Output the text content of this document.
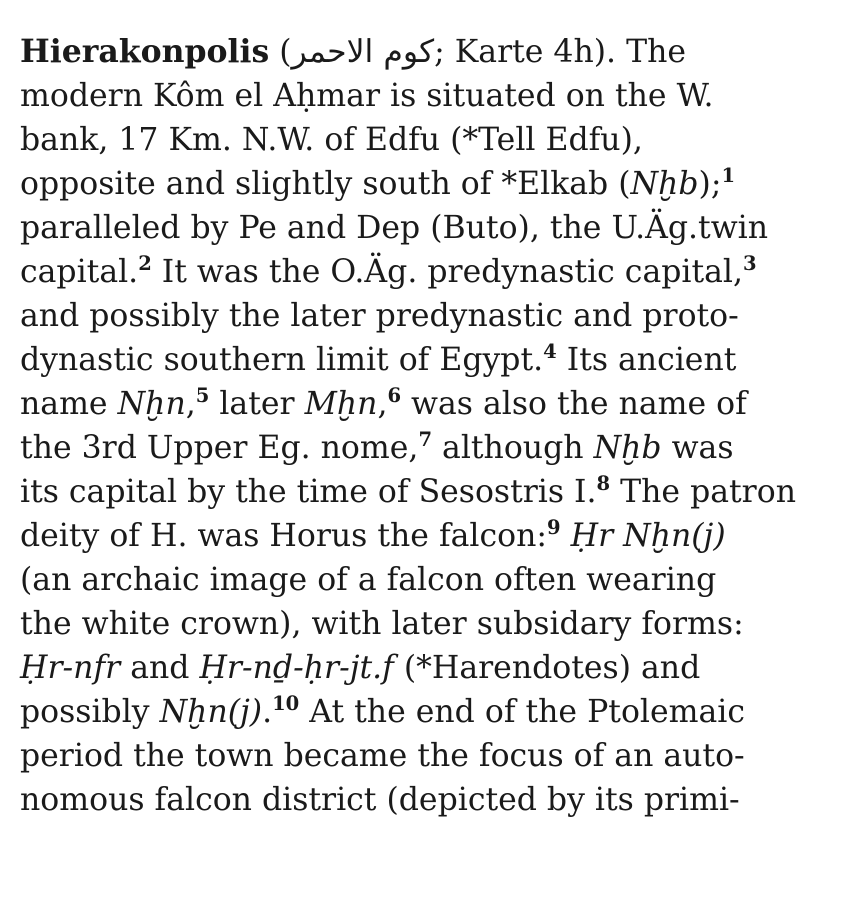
Hierakonpolis (كوم الاحمر; Karte 4h). The
modern Kôm el Aḥmar is situated on the W.
bank, 17 Km. N.W. of Edfu (*Tell Edfu),
opposite and slightly south of *Elkab (Nḫb);$^1$
paralleled by Pe and Dep (Buto), the U.Äg.twin
capital.$^2$ It was the O.Äg. predynastic capital,$^3$
and possibly the later predynastic and proto-
dynastic southern limit of Egypt.$^4$ Its ancient
name Nḫn,$^5$ later Mḫn,$^6$ was also the name of
the 3rd Upper Eg. nome,$^7$ although Nḫb was
its capital by the time of Sesostris I.$^8$ The patron
deity of H. was Horus the falcon:$^9$ Ḥr Nḫn(j)
(an archaic image of a falcon often wearing
the white crown), with later subsidary forms:
Ḥr-nfr and Ḥr-nḏ-ḥr-jt.f (*Harendotes) and
possibly Nḫn(j).$^{10}$ At the end of the Ptolemaic
period the town became the focus of an auto-
nomous falcon district (depicted by its primi-
